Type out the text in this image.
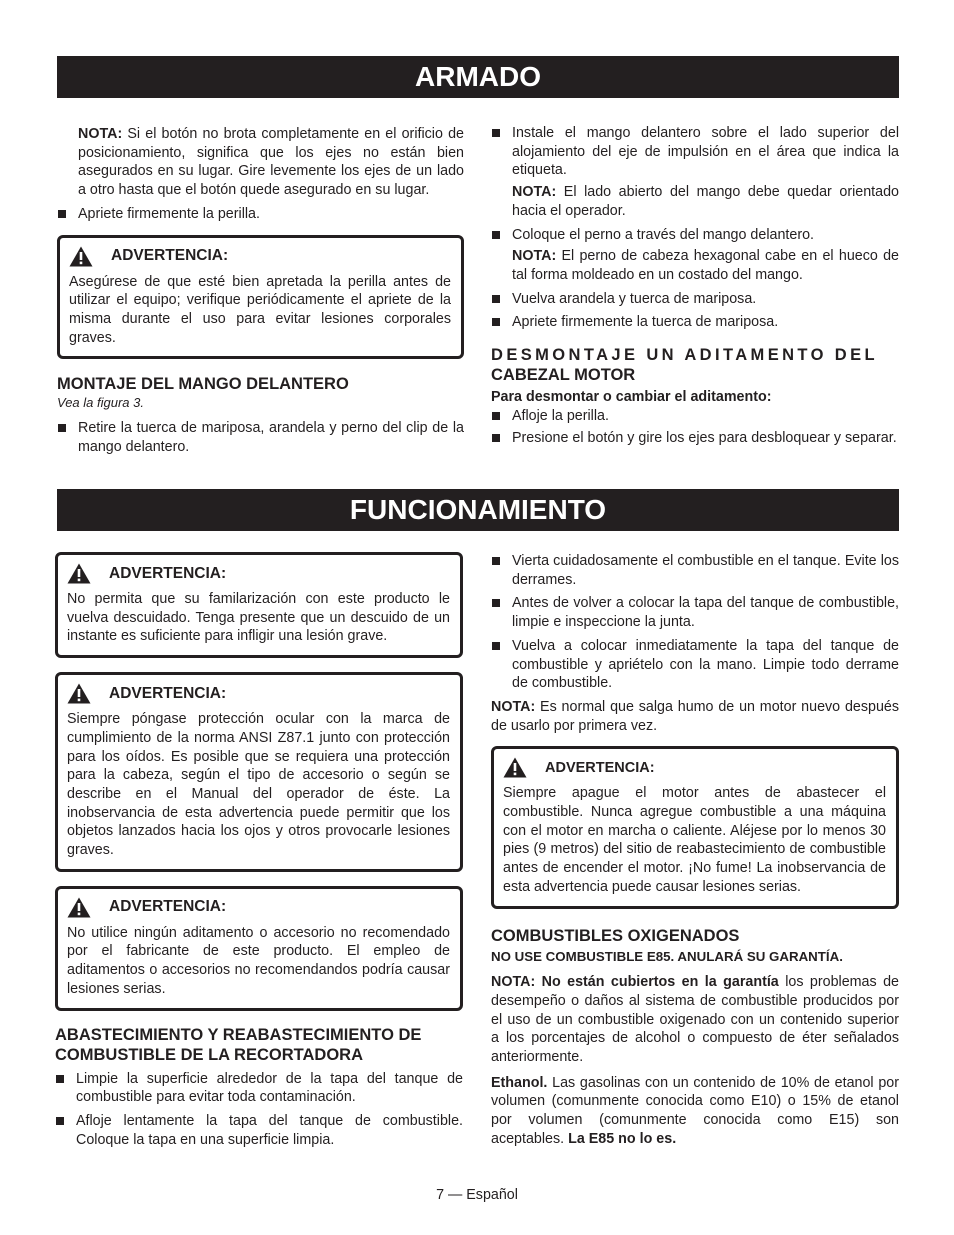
ARMADO

NOTA: Si el botón no brota completamente en el orificio de posicionamiento, significa que los ejes no están bien asegurados en su lugar. Gire levemente los ejes de un lado a otro hasta que el botón quede asegurado en su lugar.

Apriete firmemente la perilla.

ADVERTENCIA:

Asegúrese de que esté bien apretada la perilla antes de utilizar el equipo; verifique periódicamente el apriete de la misma durante el uso para evitar lesiones corporales graves.

MONTAJE DEL MANGO DELANTERO

Vea la figura 3.

Retire la tuerca de mariposa, arandela y perno del clip de la mango delantero.

Instale el mango delantero sobre el lado superior del alojamiento del eje de impulsión en el área que indica la etiqueta.

NOTA: El lado abierto del mango debe quedar orientado hacia el operador.

Coloque el perno a través del mango delantero.

NOTA: El perno de cabeza hexagonal cabe en el hueco de tal forma moldeado en un costado del mango.

Vuelva arandela y tuerca de mariposa.

Apriete firmemente la tuerca de mariposa.

DESMONTAJE UN ADITAMENTO DEL

CABEZAL MOTOR

Para desmontar o cambiar el aditamento:

Afloje la perilla.

Presione el botón y gire los ejes para desbloquear y separar.

FUNCIONAMIENTO
ADVERTENCIA:

No permita que su familarización con este producto le vuelva descuidado. Tenga presente que un descuido de un instante es suficiente para infligir una lesión grave.

ADVERTENCIA:

Siempre póngase protección ocular con la marca de cumplimiento de la norma ANSI Z87.1 junto con protección para los oídos. Es posible que se requiera una protección para la cabeza, según el tipo de accesorio o según se describe en el Manual del operador de éste. La inobservancia de esta advertencia puede permitir que los objetos lanzados hacia los ojos y otros provocarle lesiones graves.

ADVERTENCIA:

No utilice ningún aditamento o accesorio no recomendado por el fabricante de este producto. El empleo de aditamentos o accesorios no recomendandos podría causar lesiones serias.

ABASTECIMIENTO Y REABASTECIMIENTO DE COMBUSTIBLE DE LA RECORTADORA

Limpie la superficie alrededor de la tapa del tanque de combustible para evitar toda contaminación.

Afloje lentamente la tapa del tanque de combustible. Coloque la tapa en una superficie limpia.

Vierta cuidadosamente el combustible en el tanque. Evite los derrames.

Antes de volver a colocar la tapa del tanque de combustible, limpie e inspeccione la junta.

Vuelva a colocar inmediatamente la tapa del tanque de combustible y apriételo con la mano. Limpie todo derrame de combustible.

NOTA: Es normal que salga humo de un motor nuevo después de usarlo por primera vez.

ADVERTENCIA:

Siempre apague el motor antes de abastecer el combustible. Nunca agregue combustible a una máquina con el motor en marcha o caliente. Aléjese por lo menos 30 pies (9 metros) del sitio de reabastecimiento de combustible antes de encender el motor. ¡No fume! La inobservancia de esta advertencia puede causar lesiones serias.

COMBUSTIBLES OXIGENADOS

NO USE COMBUSTIBLE E85. ANULARÁ SU GARANTÍA.

NOTA: No están cubiertos en la garantía los problemas de desempeño o daños al sistema de combustible producidos por el uso de un combustible oxigenado con un contenido superior a los porcentajes de alcohol o compuesto de éter señalados anteriormente.

Ethanol. Las gasolinas con un contenido de 10% de etanol por volumen (comunmente conocida como E10) o 15% de etanol por volumen (comunmente conocida como E15) son aceptables. La E85 no lo es.

7 — Español
